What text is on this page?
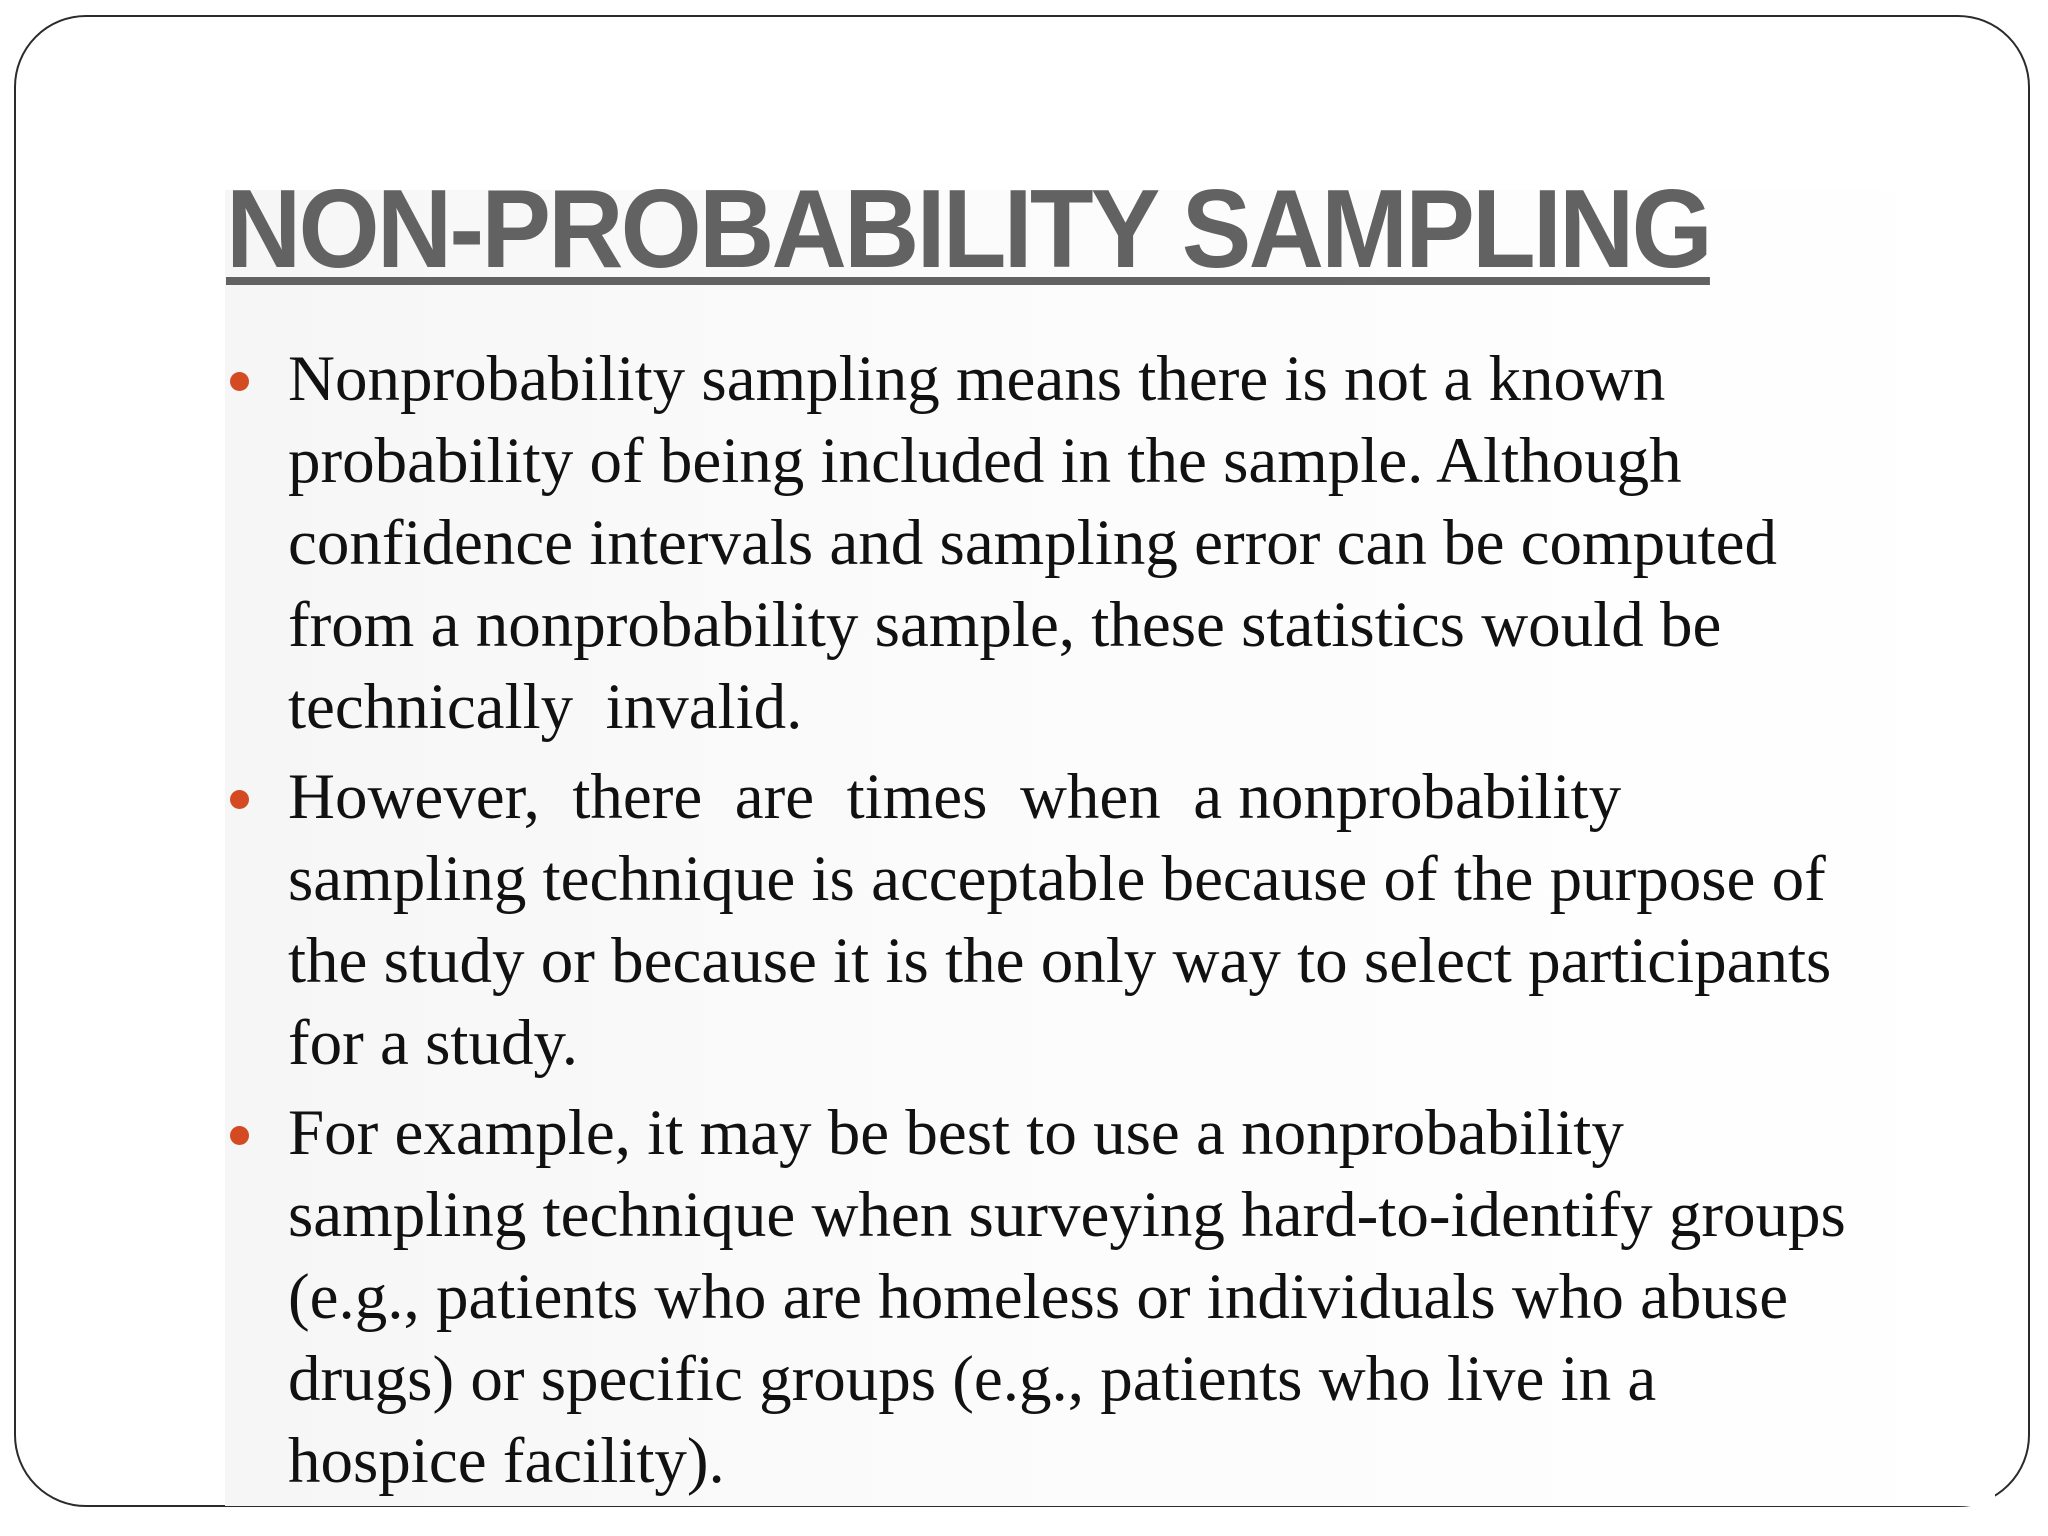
NON-PROBABILITY SAMPLING
Nonprobability sampling means there is not a known
probability of being included in the sample. Although
confidence intervals and sampling error can be computed
from a nonprobability sample, these statistics would be
technically  invalid.
However,  there  are  times  when  a nonprobability
sampling technique is acceptable because of the purpose of
the study or because it is the only way to select participants
for a study.
For example, it may be best to use a nonprobability
sampling technique when surveying hard-to-identify groups
(e.g., patients who are homeless or individuals who abuse
drugs) or specific groups (e.g., patients who live in a
hospice facility).
